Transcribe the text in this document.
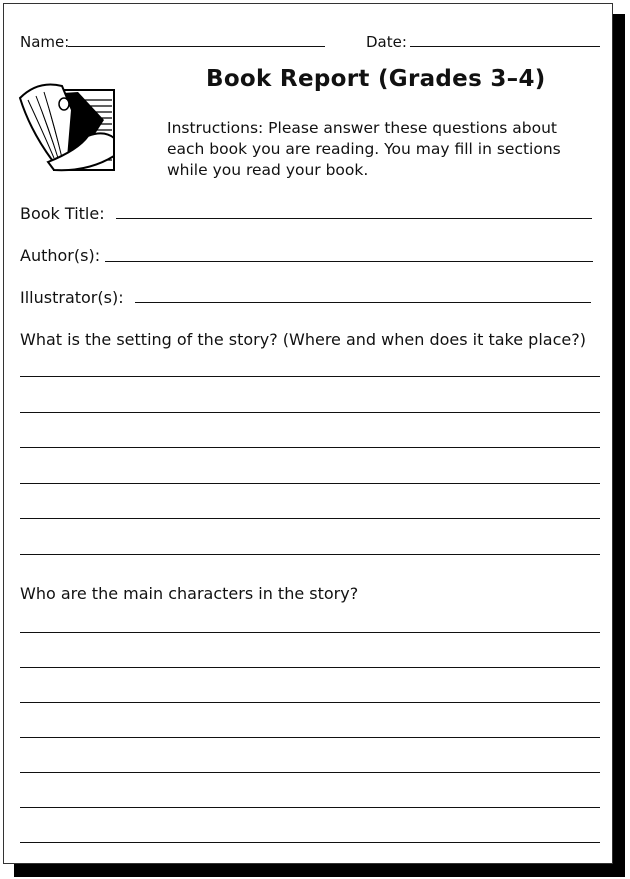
Name:	Date:
Book Report (Grades 3–4)
Instructions: Please answer these questions about each book you are reading. You may fill in sections while you read your book.
Book Title:
Author(s):
Illustrator(s):
What is the setting of the story? (Where and when does it take place?)
Who are the main characters in the story?
